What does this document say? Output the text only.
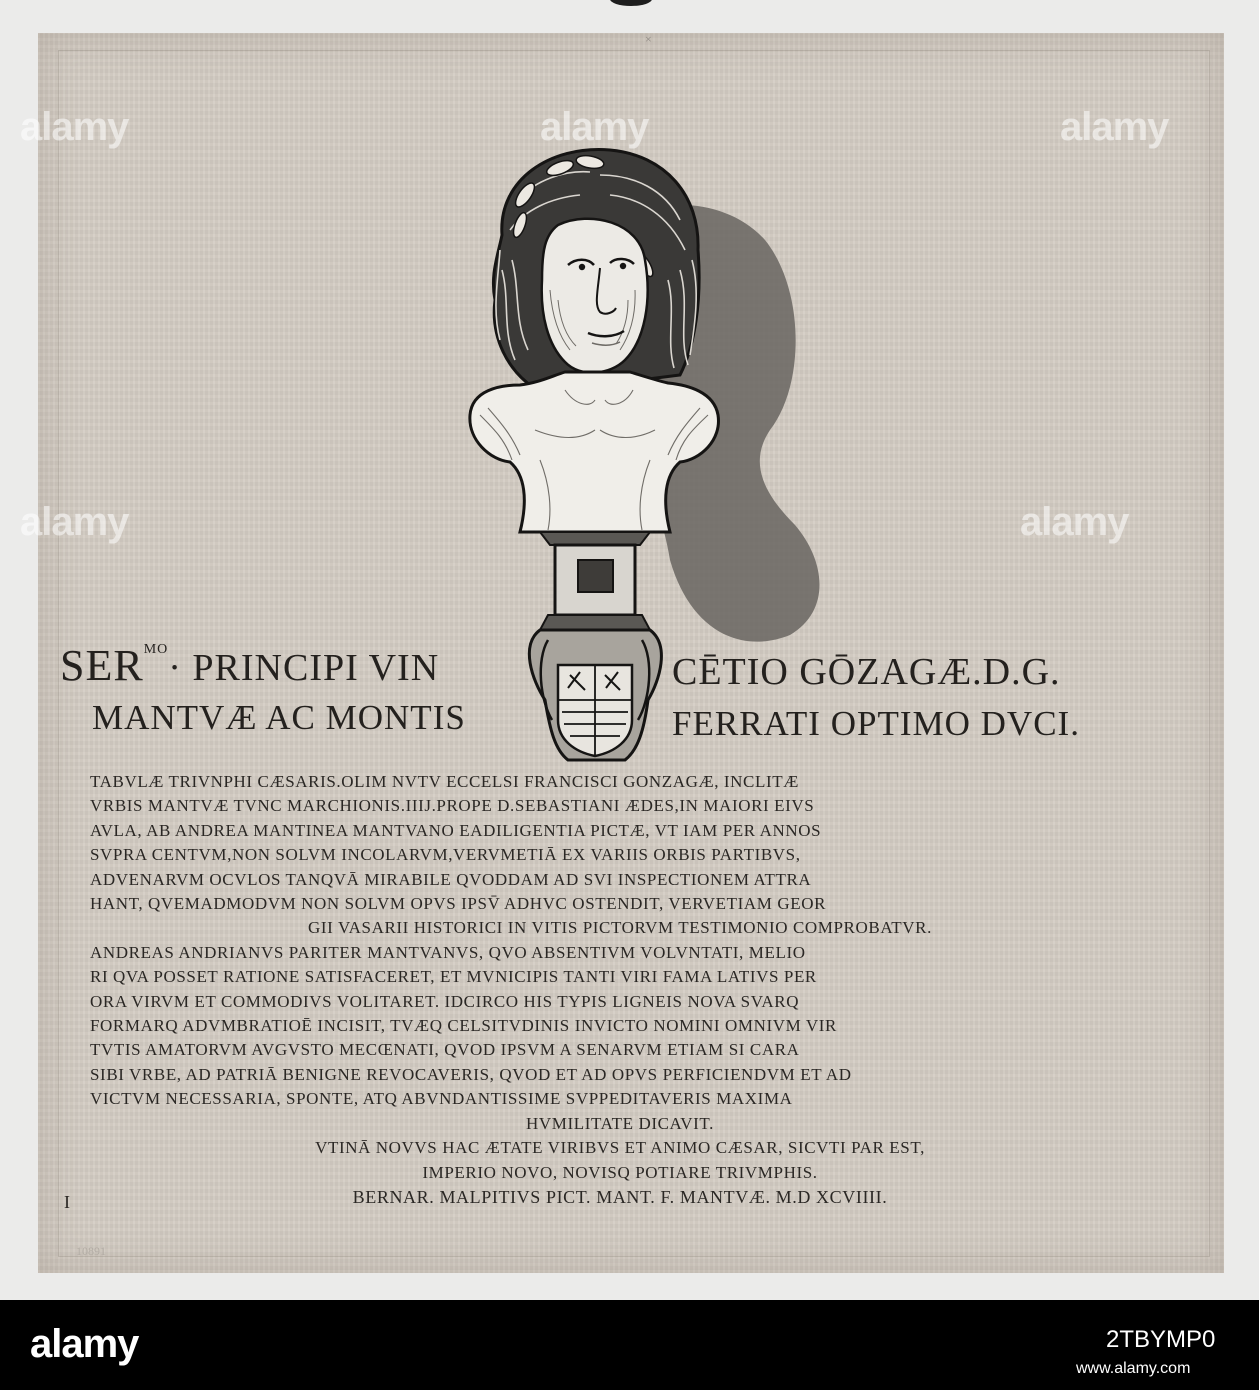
×
$SER^{MO}\cdot$ PRINCIPI VIN
MANTVÆ AC MONTIS
CĒTIO GŌZAGÆ.D.G.
FERRATI OPTIMO DVCI.
TABVLÆ TRIVNPHI CÆSARIS.OLIM NVTV ECCELSI FRANCISCI GONZAGÆ, INCLITÆ
VRBIS MANTVÆ TVNC MARCHIONIS.IIIJ.PROPE D.SEBASTIANI ÆDES,IN MAIORI EIVS
AVLA, AB ANDREA MANTINEA MANTVANO EADILIGENTIA PICTÆ, VT IAM PER ANNOS
SVPRA CENTVM,NON SOLVM INCOLARVM,VERVMETIĀ EX VARIIS ORBIS PARTIBVS,
ADVENARVM OCVLOS TANQVĀ MIRABILE QVODDAM AD SVI INSPECTIONEM ATTRA
HANT, QVEMADMODVM NON SOLVM OPVS IPSV̄ ADHVC OSTENDIT, VERVETIAM GEOR
GII VASARII HISTORICI IN VITIS PICTORVM TESTIMONIO COMPROBATVR.
ANDREAS ANDRIANVS PARITER MANTVANVS, QVO ABSENTIVM VOLVNTATI, MELIO
RI QVA POSSET RATIONE SATISFACERET, ET MVNICIPIS TANTI VIRI FAMA LATIVS PER
ORA VIRVM ET COMMODIVS VOLITARET. IDCIRCO HIS TYPIS LIGNEIS NOVA SVARQ
FORMARQ ADVMBRATIOĒ INCISIT, TVÆQ CELSITVDINIS INVICTO NOMINI OMNIVM VIR
TVTIS AMATORVM AVGVSTO MECŒNATI, QVOD IPSVM A SENARVM ETIAM SI CARA
SIBI VRBE, AD PATRIĀ BENIGNE REVOCAVERIS, QVOD ET AD OPVS PERFICIENDVM ET AD
VICTVM NECESSARIA, SPONTE, ATQ ABVNDANTISSIME SVPPEDITAVERIS MAXIMA
HVMILITATE DICAVIT.
VTINĀ NOVVS HAC ÆTATE VIRIBVS ET ANIMO CÆSAR, SICVTI PAR EST,
IMPERIO NOVO, NOVISQ POTIARE TRIVMPHIS.
BERNAR. MALPITIVS PICT. MANT. F. MANTVÆ. M.D XCVIIII.
I
10891
alamy	alamy	alamy
alamy	alamy
alamy	2TBYMP0
www.alamy.com
